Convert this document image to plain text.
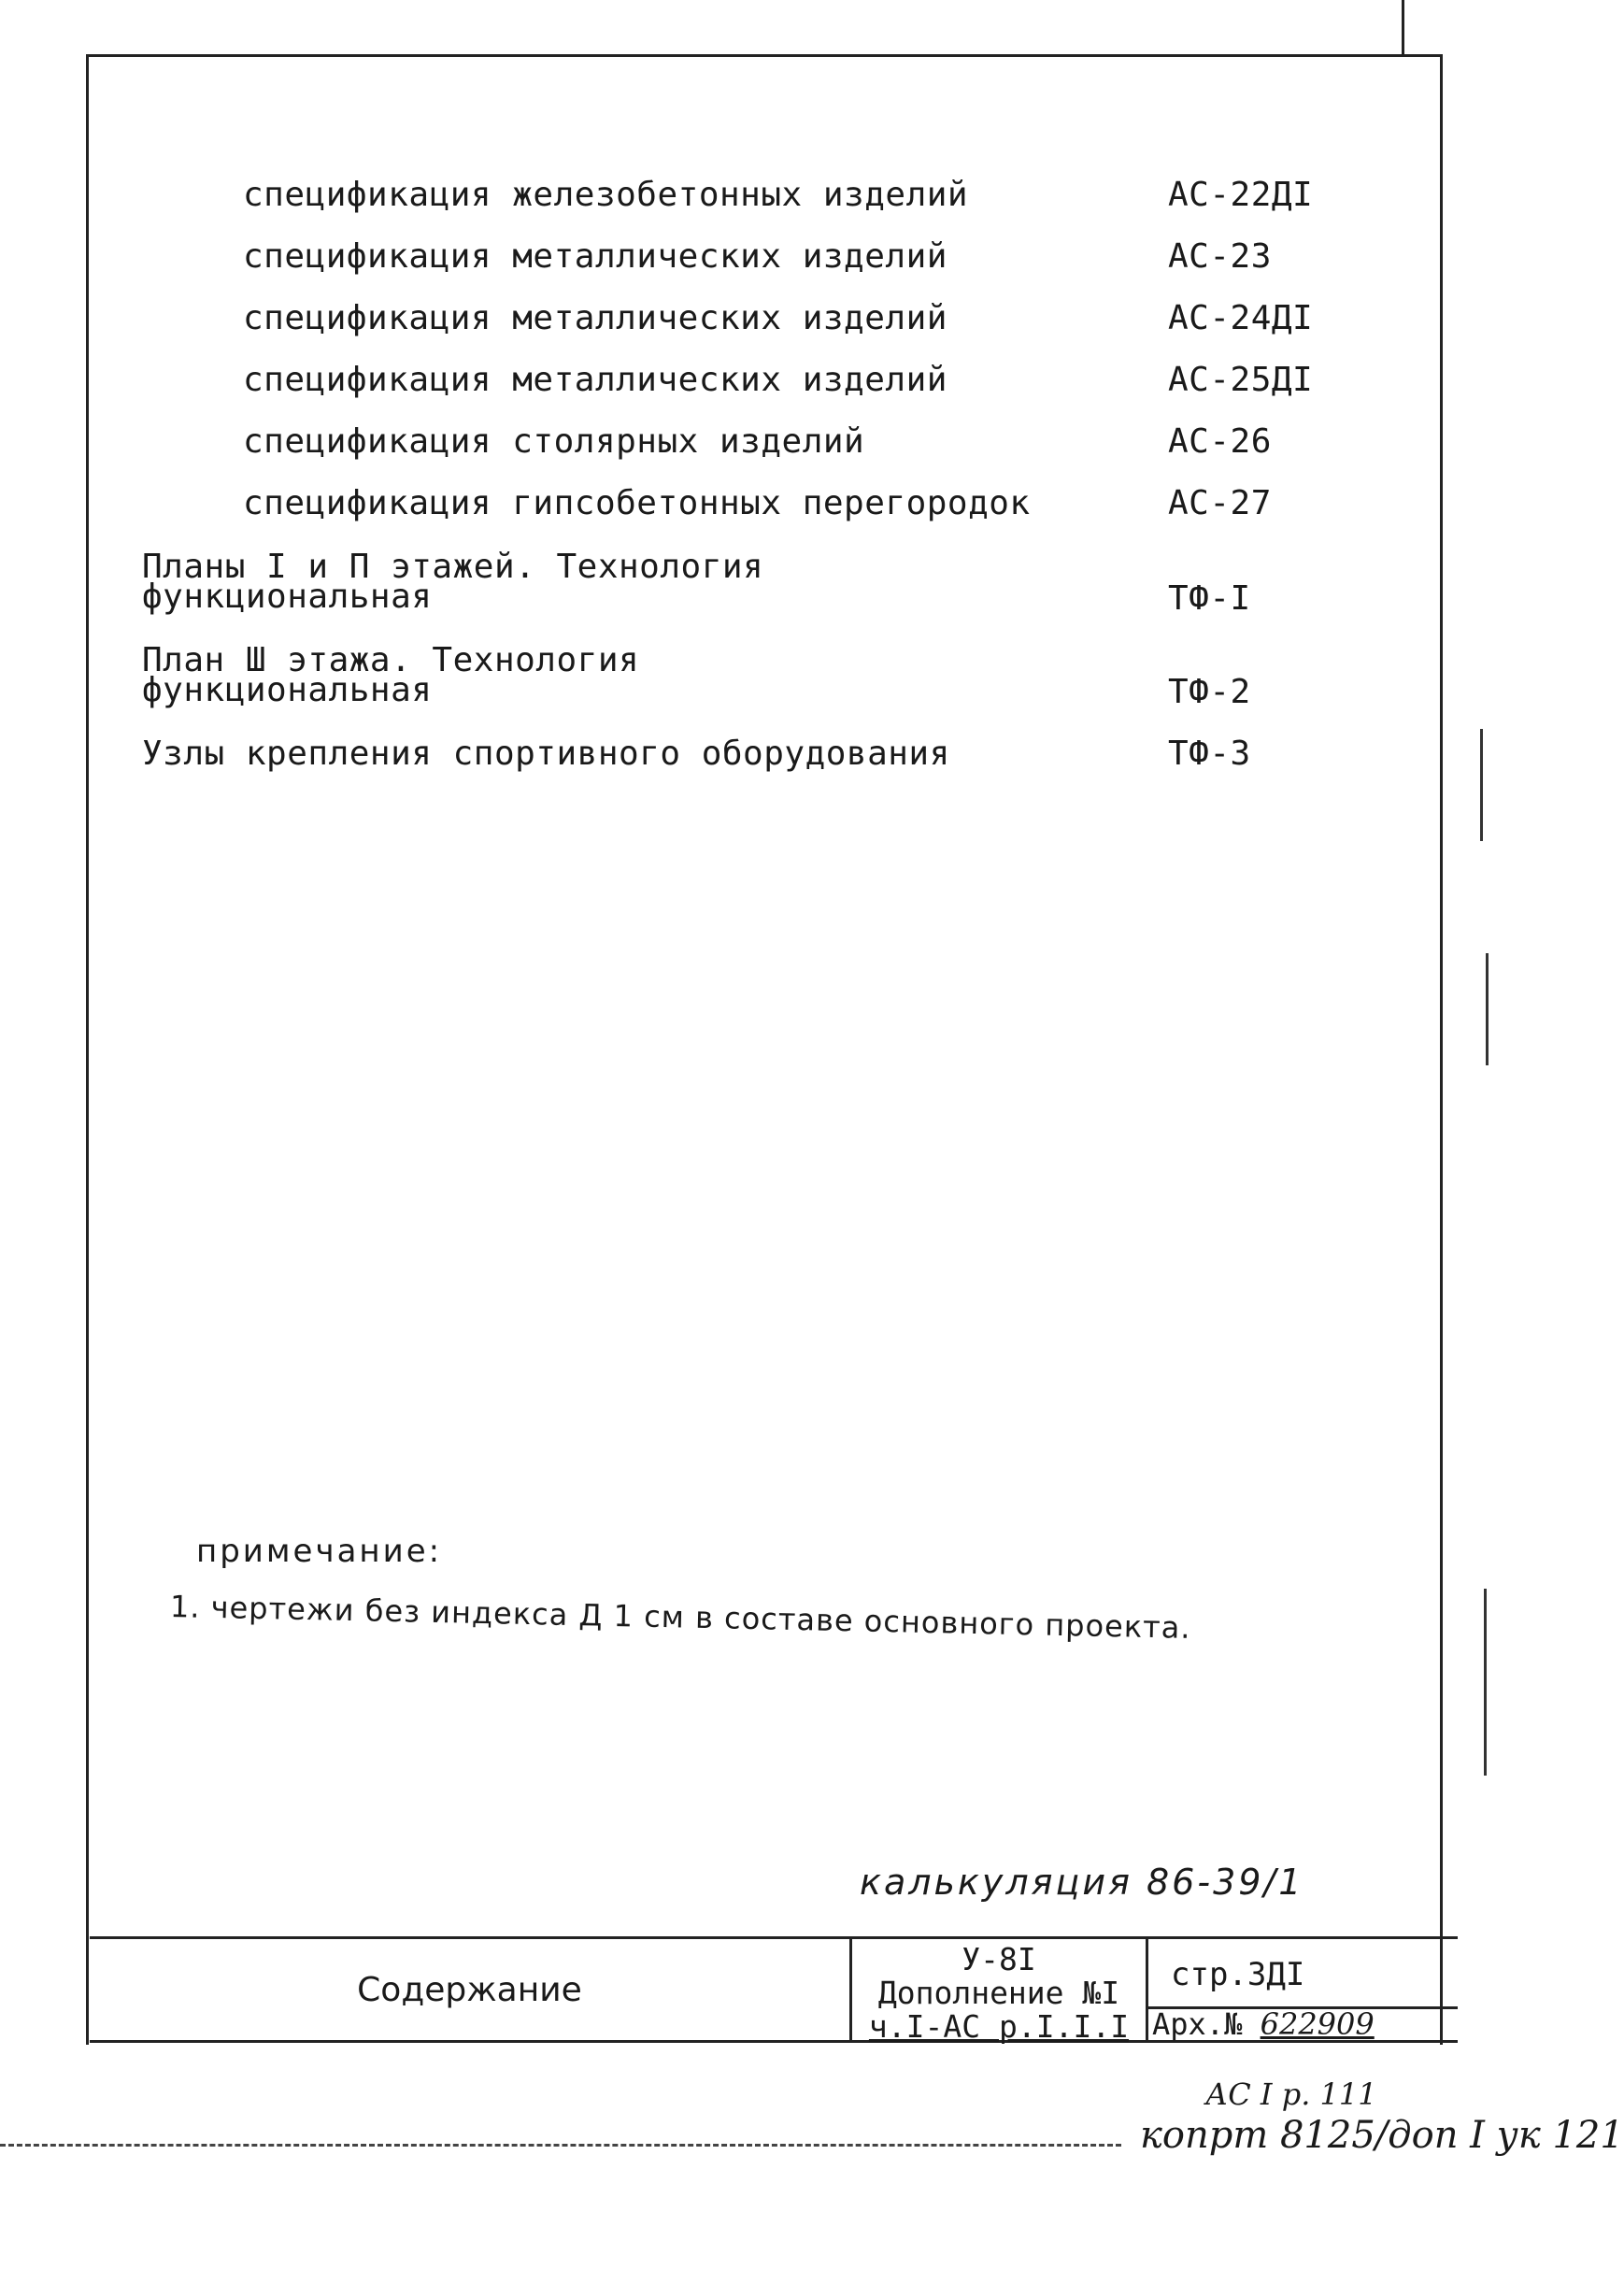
спецификация железобетонных изделий	АС-22ДI
спецификация металлических изделий	АС-23
спецификация металлических изделий	АС-24ДI
спецификация металлических изделий	АС-25ДI
спецификация столярных изделий	АС-26
спецификация гипсобетонных перегородок	АС-27
Планы I и П этажей. Технология
функциональная	ТФ-I
План Ш этажа. Технология
функциональная	ТФ-2
Узлы крепления спортивного оборудования	ТФ-3
примечание:
1. чертежи без индекса Д 1 см в составе основного проекта.
калькуляция 86-39/1
Содержание
У-8I
Дополнение №I
ч.I-АС р.I.I.I
стр.3ДI
Арх.№ 622909
АС I р. 111
копрт 8125/доп I ук 121
